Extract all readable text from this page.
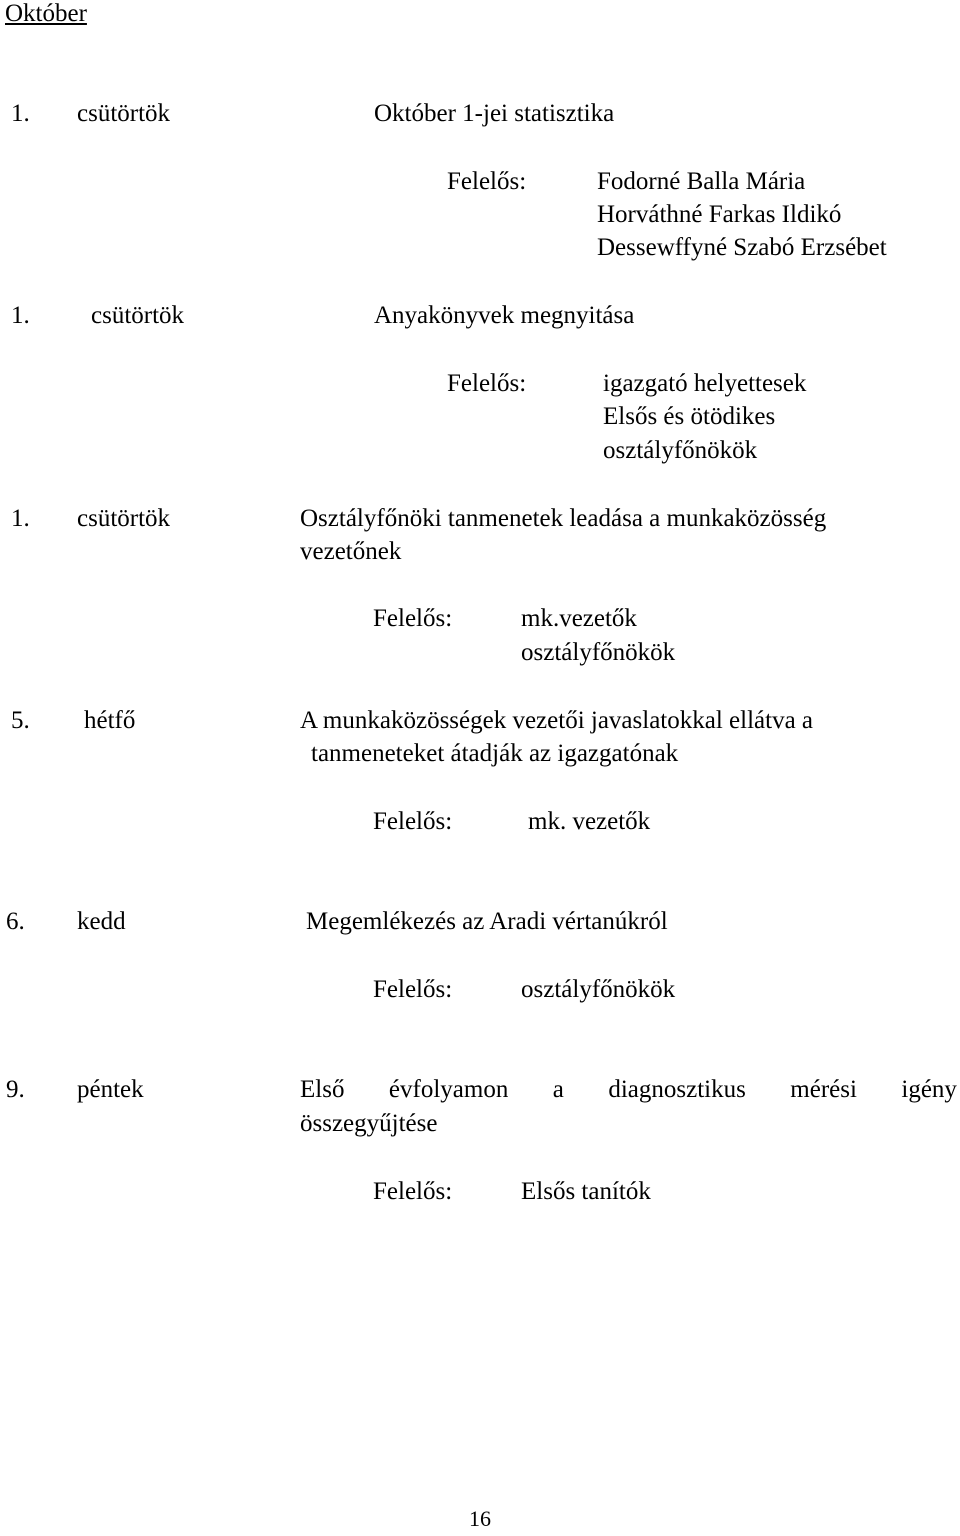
Október
1. csütörtök	Október 1-jei statisztika
Felelős:	Fodorné Balla Mária
Horváthné Farkas Ildikó
Dessewffyné Szabó Erzsébet
1. csütörtök	Anyakönyvek megnyitása
Felelős:	igazgató helyettesek
Elsős és ötödikes
osztályfőnökök
1. csütörtök	Osztályfőnöki tanmenetek leadása a munkaközösség
vezetőnek
Felelős:	mk.vezetők
osztályfőnökök
5. hétfő	A munkaközösségek vezetői javaslatokkal ellátva a
tanmeneteket átadják az igazgatónak
Felelős:	mk. vezetők
6. kedd	Megemlékezés az Aradi vértanúkról
Felelős:	osztályfőnökök
9. péntek	Első évfolyamon a diagnosztikus mérési igény
összegyűjtése
Felelős:	Elsős tanítók
16
